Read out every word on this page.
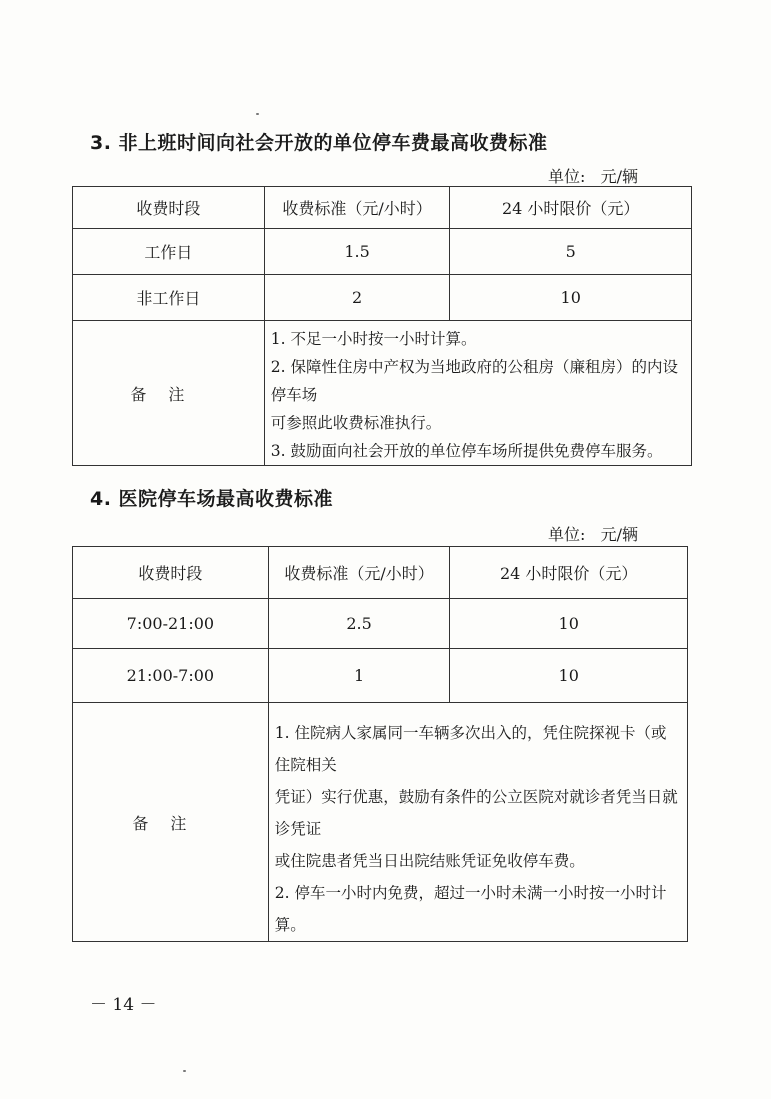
3. 非上班时间向社会开放的单位停车费最高收费标准
单位:   元/辆
收费时段	收费标准（元/小时）	24 小时限价（元）
工作日	1.5	5
非工作日	2	10
备注	1. 不足一小时按一小时计算。
2. 保障性住房中产权为当地政府的公租房（廉租房）的内设停车场
可参照此收费标准执行。
3. 鼓励面向社会开放的单位停车场所提供免费停车服务。	
4. 医院停车场最高收费标准
单位:   元/辆
收费时段	收费标准（元/小时）	24 小时限价（元）
7:00-21:00	2.5	10
21:00-7:00	1	10
备注	1. 住院病人家属同一车辆多次出入的，凭住院探视卡（或住院相关
凭证）实行优惠，鼓励有条件的公立医院对就诊者凭当日就诊凭证
或住院患者凭当日出院结账凭证免收停车费。
2. 停车一小时内免费，超过一小时未满一小时按一小时计算。	
－ 14 －
